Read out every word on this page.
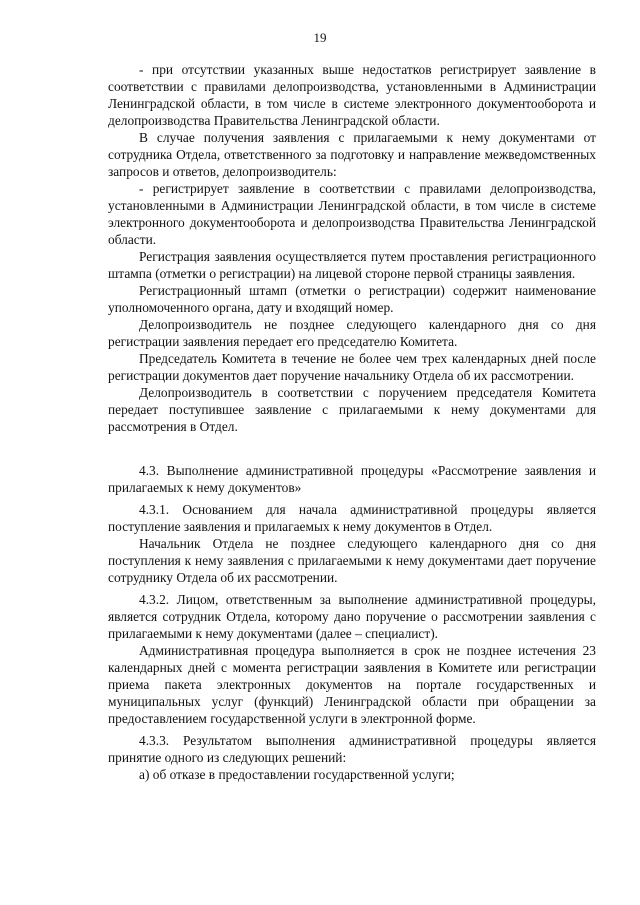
19

- при отсутствии указанных выше недостатков регистрирует заявление в соответствии с правилами делопроизводства, установленными в Администрации Ленинградской области, в том числе в системе электронного документооборота и делопроизводства Правительства Ленинградской области.

В случае получения заявления с прилагаемыми к нему документами от сотрудника Отдела, ответственного за подготовку и направление межведомственных запросов и ответов, делопроизводитель:

- регистрирует заявление в соответствии с правилами делопроизводства, установленными в Администрации Ленинградской области, в том числе в системе электронного документооборота и делопроизводства Правительства Ленинградской области.

Регистрация заявления осуществляется путем проставления регистрационного штампа (отметки о регистрации) на лицевой стороне первой страницы заявления.

Регистрационный штамп (отметки о регистрации) содержит наименование уполномоченного органа, дату и входящий номер.

Делопроизводитель не позднее следующего календарного дня со дня регистрации заявления передает его председателю Комитета.

Председатель Комитета в течение не более чем трех календарных дней после регистрации документов дает поручение начальнику Отдела об их рассмотрении.

Делопроизводитель в соответствии с поручением председателя Комитета передает поступившее заявление с прилагаемыми к нему документами для рассмотрения в Отдел.

4.3. Выполнение административной процедуры «Рассмотрение заявления и прилагаемых к нему документов»

4.3.1. Основанием для начала административной процедуры является поступление заявления и прилагаемых к нему документов в Отдел.

Начальник Отдела не позднее следующего календарного дня со дня поступления к нему заявления с прилагаемыми к нему документами дает поручение сотруднику Отдела об их рассмотрении.

4.3.2. Лицом, ответственным за выполнение административной процедуры, является сотрудник Отдела, которому дано поручение о рассмотрении заявления с прилагаемыми к нему документами (далее – специалист).

Административная процедура выполняется в срок не позднее истечения 23 календарных дней с момента регистрации заявления в Комитете или регистрации приема пакета электронных документов на портале государственных и муниципальных услуг (функций) Ленинградской области при обращении за предоставлением государственной услуги в электронной форме.

4.3.3. Результатом выполнения административной процедуры является принятие одного из следующих решений:

а) об отказе в предоставлении государственной услуги;
